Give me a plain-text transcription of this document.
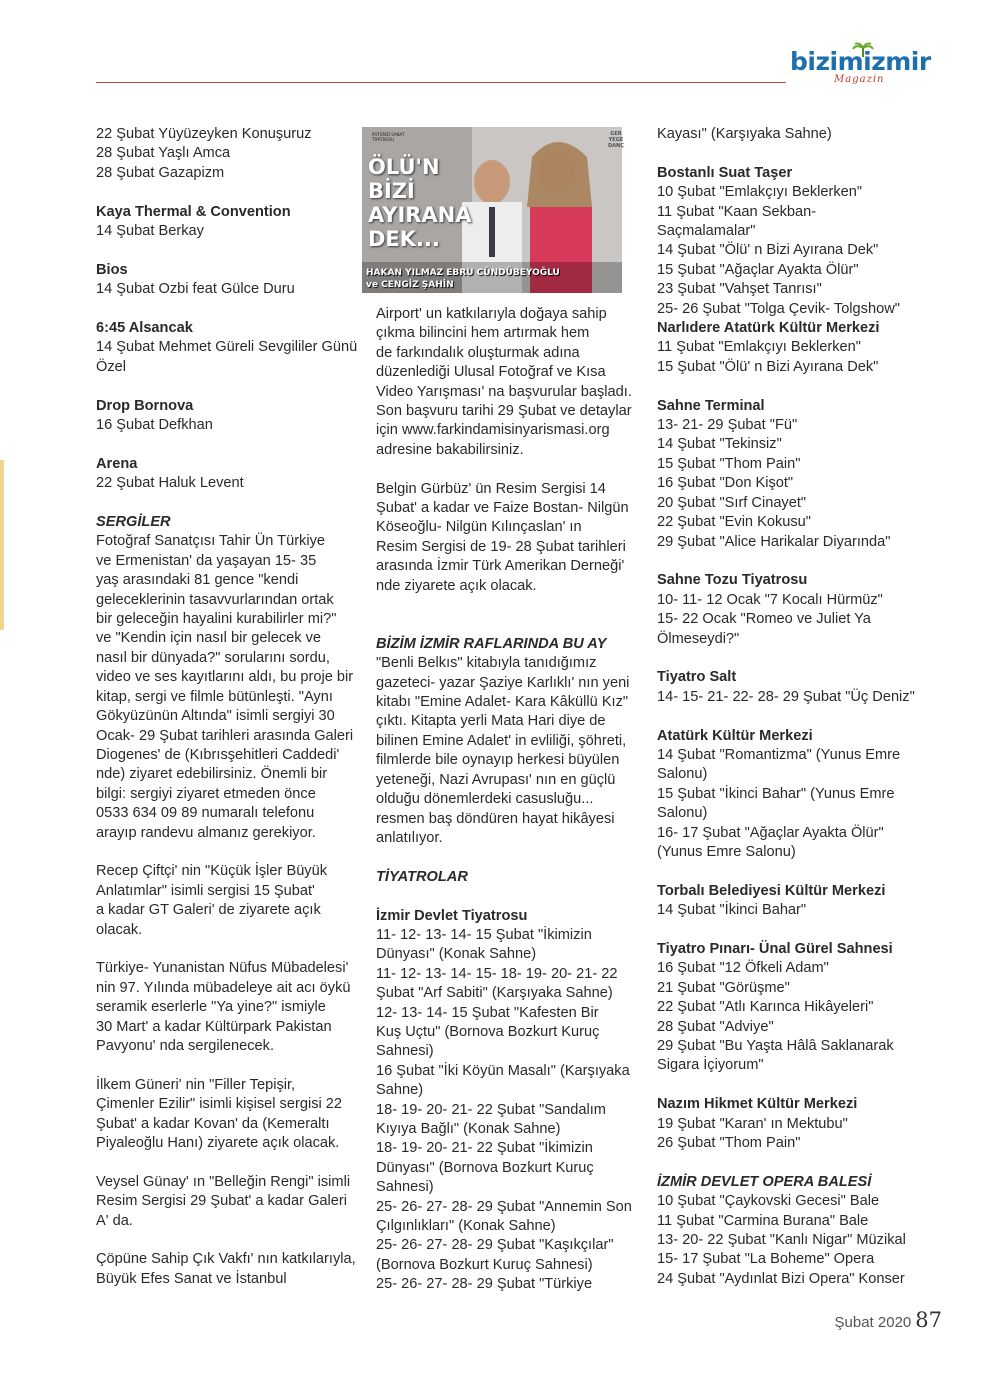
bizimizmir
Magazin

22 Şubat Yüyüzeyken Konuşuruz
28 Şubat Yaşlı Amca
28 Şubat Gazapizm

Kaya Thermal & Convention

14 Şubat Berkay

Bios

14 Şubat Ozbi feat Gülce Duru

6:45 Alsancak

14 Şubat Mehmet Güreli Sevgililer Günü
Özel

Drop Bornova

16 Şubat Defkhan

Arena

22 Şubat Haluk Levent

SERGİLER

Fotoğraf Sanatçısı Tahir Ün Türkiye
ve Ermenistan' da yaşayan 15- 35
yaş arasındaki 81 gence "kendi
geleceklerinin tasavvurlarından ortak
bir geleceğin hayalini kurabilirler mi?"
ve "Kendin için nasıl bir gelecek ve
nasıl bir dünyada?" sorularını sordu,
video ve ses kayıtlarını aldı, bu proje bir
kitap, sergi ve filmle bütünleşti. "Aynı
Gökyüzünün Altında" isimli sergiyi 30
Ocak- 29 Şubat tarihleri arasında Galeri
Diogenes' de (Kıbrısşehitleri Caddedi'
nde) ziyaret edebilirsiniz. Önemli bir
bilgi: sergiyi ziyaret etmeden önce
0533 634 09 89 numaralı telefonu
arayıp randevu almanız gerekiyor.

Recep Çiftçi' nin "Küçük İşler Büyük
Anlatımlar" isimli sergisi 15 Şubat'
a kadar GT Galeri' de ziyarete açık
olacak.

Türkiye- Yunanistan Nüfus Mübadelesi'
nin 97. Yılında mübadeleye ait acı öykü
seramik eserlerle "Ya yine?" ismiyle
30 Mart' a kadar Kültürpark Pakistan
Pavyonu' nda sergilenecek.

İlkem Güneri' nin "Filler Tepişir,
Çimenler Ezilir" isimli kişisel sergisi 22
Şubat' a kadar Kovan' da (Kemeraltı
Piyaleoğlu Hanı) ziyarete açık olacak.

Veysel Günay' ın "Belleğin Rengi" isimli
Resim Sergisi 29 Şubat' a kadar Galeri
A' da.

Çöpüne Sahip Çık Vakfı' nın katkılarıyla,
Büyük Efes Sanat ve İstanbul

POTEMZİ SANAT
TİYATROSU
ÖLÜ'N
BİZİ
AYIRANA
DEK...
HAKAN YILMAZ EBRU CÜNDÜBEYOĞLU
ve CENGİZ ŞAHİN
GER
YEGE
DANÇ

Airport' un katkılarıyla doğaya sahip
çıkma bilincini hem artırmak hem
de farkındalık oluşturmak adına
düzenlediği Ulusal Fotoğraf ve Kısa
Video Yarışması' na başvurular başladı.
Son başvuru tarihi 29 Şubat ve detaylar
için www.farkindamisinyarismasi.org
adresine bakabilirsiniz.

Belgin Gürbüz' ün Resim Sergisi 14
Şubat' a kadar ve Faize Bostan- Nilgün
Köseoğlu- Nilgün Kılınçaslan' ın
Resim Sergisi de 19- 28 Şubat tarihleri
arasında İzmir Türk Amerikan Derneği'
nde ziyarete açık olacak.

BİZİM İZMİR RAFLARINDA BU AY

"Benli Belkıs" kitabıyla tanıdığımız
gazeteci- yazar Şaziye Karlıklı' nın yeni
kitabı "Emine Adalet- Kara Kâküllü Kız"
çıktı. Kitapta yerli Mata Hari diye de
bilinen Emine Adalet' in evliliği, şöhreti,
filmlerde bile oynayıp herkesi büyülen
yeteneği, Nazi Avrupası' nın en güçlü
olduğu dönemlerdeki casusluğu...
resmen baş döndüren hayat hikâyesi
anlatılıyor.

TİYATROLAR

İzmir Devlet Tiyatrosu

11- 12- 13- 14- 15 Şubat "İkimizin
Dünyası" (Konak Sahne)
11- 12- 13- 14- 15- 18- 19- 20- 21- 22
Şubat "Arf Sabiti" (Karşıyaka Sahne)
12- 13- 14- 15 Şubat "Kafesten Bir
Kuş Uçtu" (Bornova Bozkurt Kuruç
Sahnesi)
16 Şubat "İki Köyün Masalı" (Karşıyaka
Sahne)
18- 19- 20- 21- 22 Şubat "Sandalım
Kıyıya Bağlı" (Konak Sahne)
18- 19- 20- 21- 22 Şubat "İkimizin
Dünyası" (Bornova Bozkurt Kuruç
Sahnesi)
25- 26- 27- 28- 29 Şubat "Annemin Son
Çılgınlıkları" (Konak Sahne)
25- 26- 27- 28- 29 Şubat "Kaşıkçılar"
(Bornova Bozkurt Kuruç Sahnesi)
25- 26- 27- 28- 29 Şubat "Türkiye

Kayası" (Karşıyaka Sahne)

Bostanlı Suat Taşer

10 Şubat "Emlakçıyı Beklerken"
11 Şubat "Kaan Sekban-
Saçmalamalar"
14 Şubat "Ölü' n Bizi Ayırana Dek"
15 Şubat "Ağaçlar Ayakta Ölür"
23 Şubat "Vahşet Tanrısı"
25- 26 Şubat "Tolga Çevik- Tolgshow"

Narlıdere Atatürk Kültür Merkezi

11 Şubat "Emlakçıyı Beklerken"
15 Şubat "Ölü' n Bizi Ayırana Dek"

Sahne Terminal

13- 21- 29 Şubat "Fü"
14 Şubat "Tekinsiz"
15 Şubat "Thom Pain"
16 Şubat "Don Kişot"
20 Şubat "Sırf Cinayet"
22 Şubat "Evin Kokusu"
29 Şubat "Alice Harikalar Diyarında"

Sahne Tozu Tiyatrosu

10- 11- 12 Ocak "7 Kocalı Hürmüz"
15- 22 Ocak "Romeo ve Juliet Ya
Ölmeseydi?"

Tiyatro Salt

14- 15- 21- 22- 28- 29 Şubat "Üç Deniz"

Atatürk Kültür Merkezi

14 Şubat "Romantizma" (Yunus Emre
Salonu)
15 Şubat "İkinci Bahar" (Yunus Emre
Salonu)
16- 17 Şubat "Ağaçlar Ayakta Ölür"
(Yunus Emre Salonu)

Torbalı Belediyesi Kültür Merkezi

14 Şubat "İkinci Bahar"

Tiyatro Pınarı- Ünal Gürel Sahnesi

16 Şubat "12 Öfkeli Adam"
21 Şubat "Görüşme"
22 Şubat "Atlı Karınca Hikâyeleri"
28 Şubat "Adviye"
29 Şubat "Bu Yaşta Hâlâ Saklanarak
Sigara İçiyorum"

Nazım Hikmet Kültür Merkezi

19 Şubat "Karan' ın Mektubu"
26 Şubat "Thom Pain"

İZMİR DEVLET OPERA BALESİ

10 Şubat "Çaykovski Gecesi" Bale
11 Şubat "Carmina Burana" Bale
13- 20- 22 Şubat "Kanlı Nigar" Müzikal
15- 17 Şubat "La Boheme" Opera
24 Şubat "Aydınlat Bizi Opera" Konser

Şubat 2020 87
